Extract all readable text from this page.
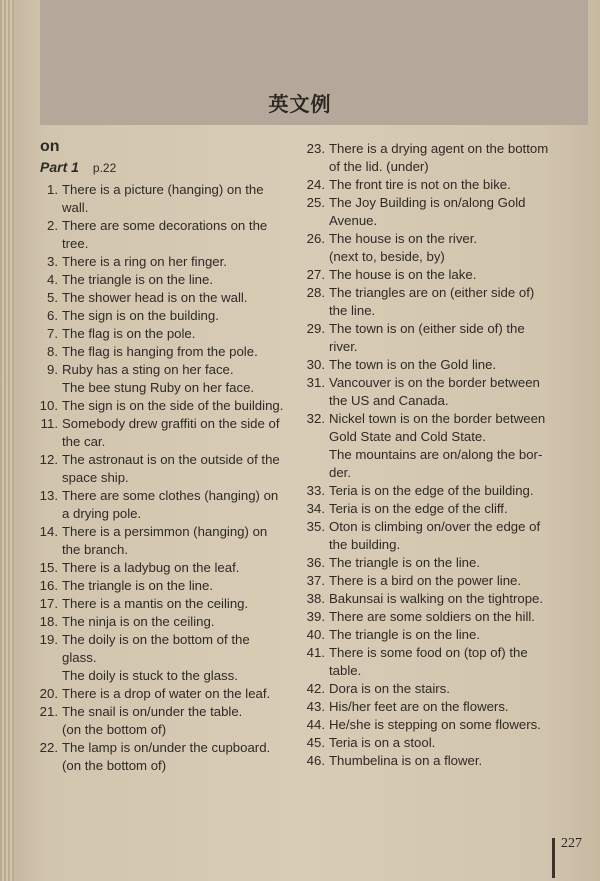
英文例
on
Part 1 p.22
1. There is a picture (hanging) on the
wall.
2. There are some decorations on the
tree.
3. There is a ring on her finger.
4. The triangle is on the line.
5. The shower head is on the wall.
6. The sign is on the building.
7. The flag is on the pole.
8. The flag is hanging from the pole.
9. Ruby has a sting on her face.
The bee stung Ruby on her face.
10. The sign is on the side of the building.
11. Somebody drew graffiti on the side of
the car.
12. The astronaut is on the outside of the
space ship.
13. There are some clothes (hanging) on
a drying pole.
14. There is a persimmon (hanging) on
the branch.
15. There is a ladybug on the leaf.
16. The triangle is on the line.
17. There is a mantis on the ceiling.
18. The ninja is on the ceiling.
19. The doily is on the bottom of the
glass.
The doily is stuck to the glass.
20. There is a drop of water on the leaf.
21. The snail is on/under the table.
(on the bottom of)
22. The lamp is on/under the cupboard.
(on the bottom of)
23. There is a drying agent on the bottom
of the lid. (under)
24. The front tire is not on the bike.
25. The Joy Building is on/along Gold
Avenue.
26. The house is on the river.
(next to, beside, by)
27. The house is on the lake.
28. The triangles are on (either side of)
the line.
29. The town is on (either side of) the
river.
30. The town is on the Gold line.
31. Vancouver is on the border between
the US and Canada.
32. Nickel town is on the border between
Gold State and Cold State.
The mountains are on/along the bor-
der.
33. Teria is on the edge of the building.
34. Teria is on the edge of the cliff.
35. Oton is climbing on/over the edge of
the building.
36. The triangle is on the line.
37. There is a bird on the power line.
38. Bakunsai is walking on the tightrope.
39. There are some soldiers on the hill.
40. The triangle is on the line.
41. There is some food on (top of) the
table.
42. Dora is on the stairs.
43. His/her feet are on the flowers.
44. He/she is stepping on some flowers.
45. Teria is on a stool.
46. Thumbelina is on a flower.
227
